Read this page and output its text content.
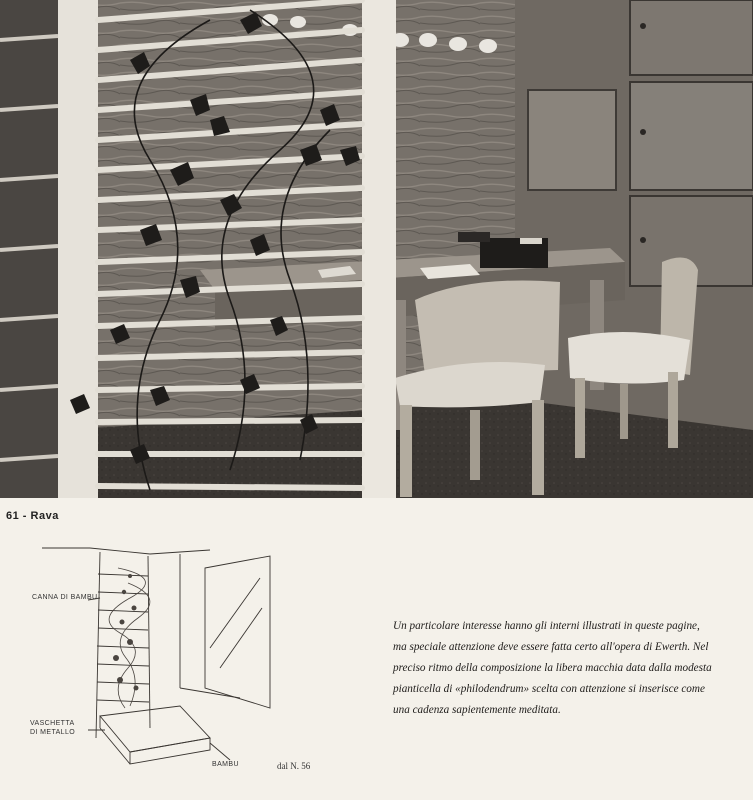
61 - Rava
CANNA DI BAMBU
VASCHETTA
DI METALLO
BAMBU	dal N. 56
Un particolare interesse hanno gli interni illustrati in queste pagine,
ma speciale attenzione deve essere fatta certo all'opera di Ewerth. Nel
preciso ritmo della composizione la libera macchia data dalla modesta
pianticella di «philodendrum» scelta con attenzione si inserisce come
una cadenza sapientemente meditata.
